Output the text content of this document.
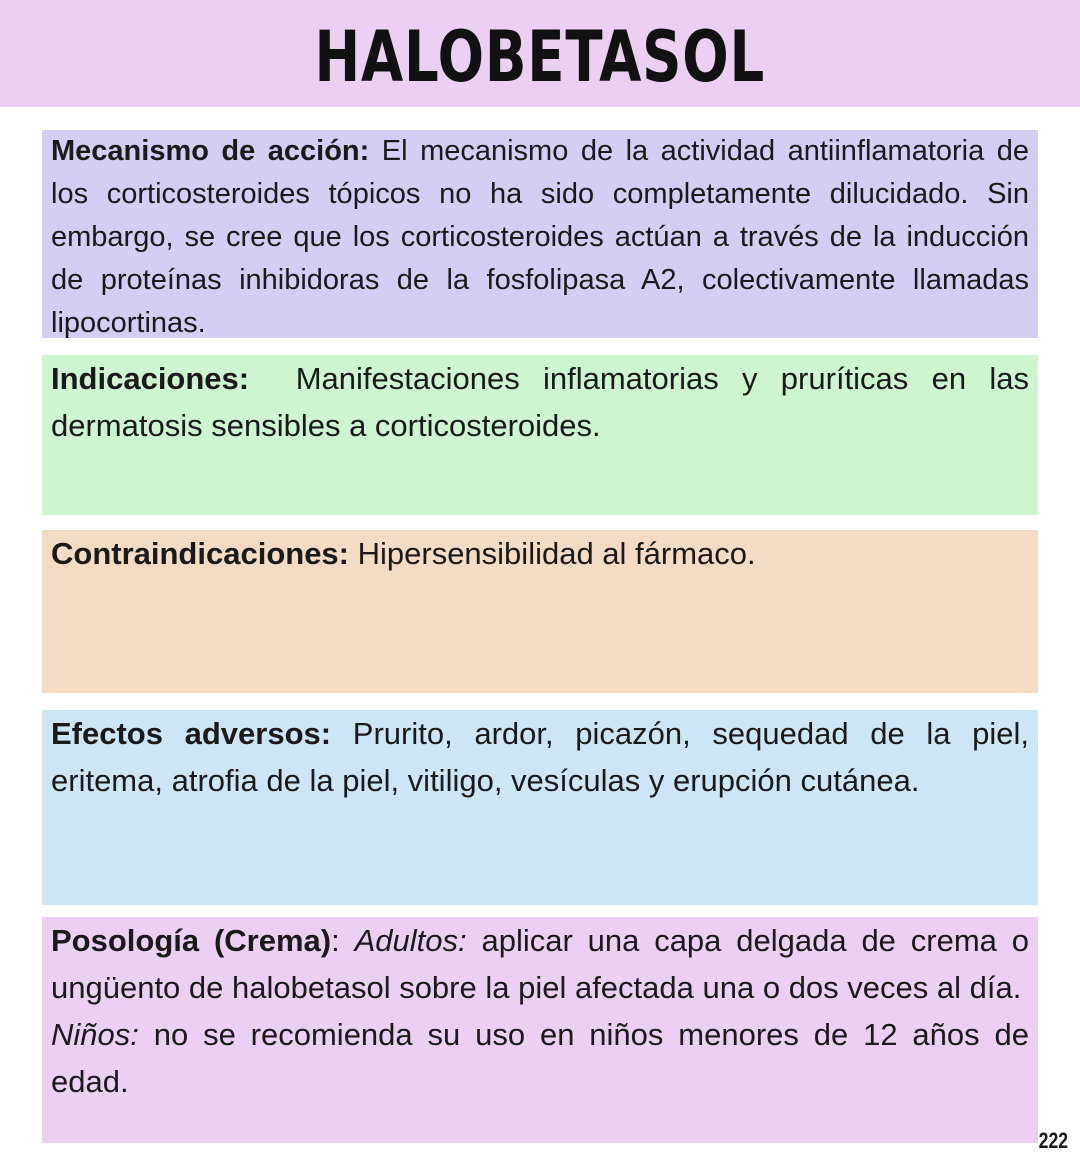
HALOBETASOL
Mecanismo de acción: El mecanismo de la actividad antiinflamatoria de los corticosteroides tópicos no ha sido completamente dilucidado. Sin embargo, se cree que los corticosteroides actúan a través de la inducción de proteínas inhibidoras de la fosfolipasa A2, colectivamente llamadas lipocortinas.
Indicaciones:  Manifestaciones inflamatorias y pruríticas en las dermatosis sensibles a corticosteroides.
Contraindicaciones: Hipersensibilidad al fármaco.
Efectos adversos: Prurito, ardor, picazón, sequedad de la piel, eritema, atrofia de la piel, vitiligo, vesículas y erupción cutánea.
Posología (Crema): Adultos: aplicar una capa delgada de crema o ungüento de halobetasol sobre la piel afectada una o dos veces al día.
Niños: no se recomienda su uso en niños menores de 12 años de edad.
222
